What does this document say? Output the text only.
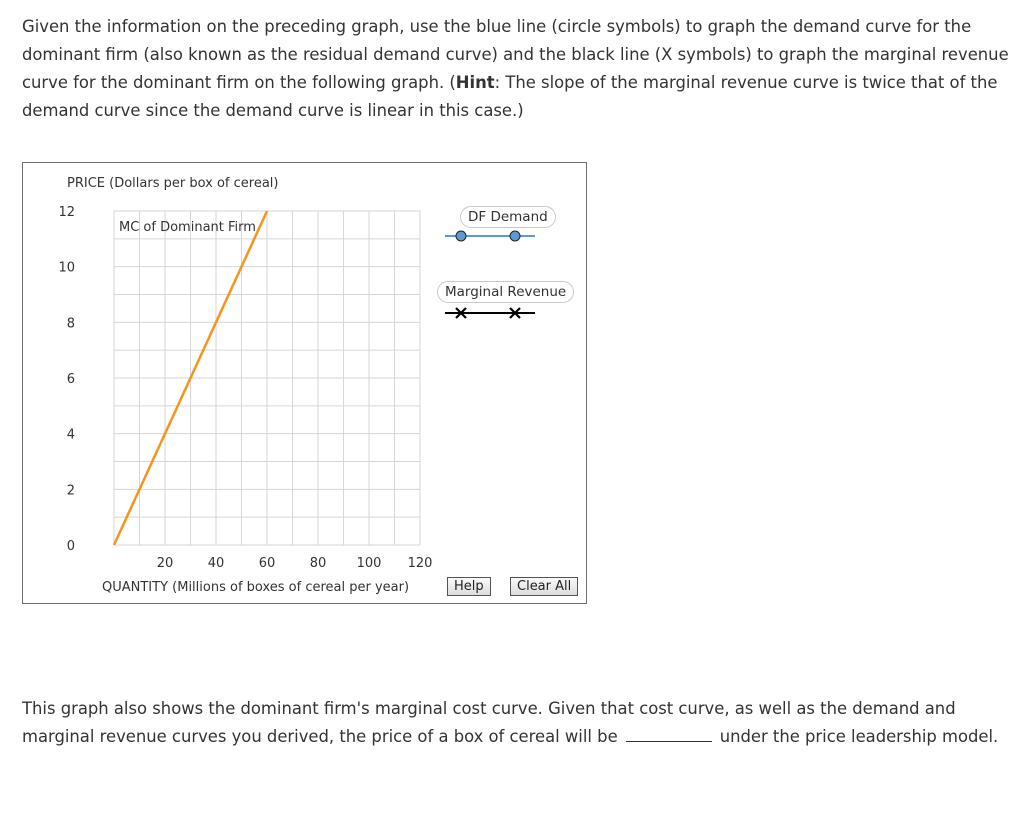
Given the information on the preceding graph, use the blue line (circle symbols) to graph the demand curve for the dominant firm (also known as the residual demand curve) and the black line (X symbols) to graph the marginal revenue curve for the dominant firm on the following graph. (Hint: The slope of the marginal revenue curve is twice that of the demand curve since the demand curve is linear in this case.)

0
2
4
6
8
10
12
20	40	60	80 100 120
PRICE (Dollars per box of cereal)
QUANTITY (Millions of boxes of cereal per year)
MC of Dominant Firm
DF Demand
Marginal Revenue
Help	Clear All

This graph also shows the dominant firm's marginal cost curve. Given that cost curve, as well as the demand and marginal revenue curves you derived, the price of a box of cereal will be	under the price leadership model.
